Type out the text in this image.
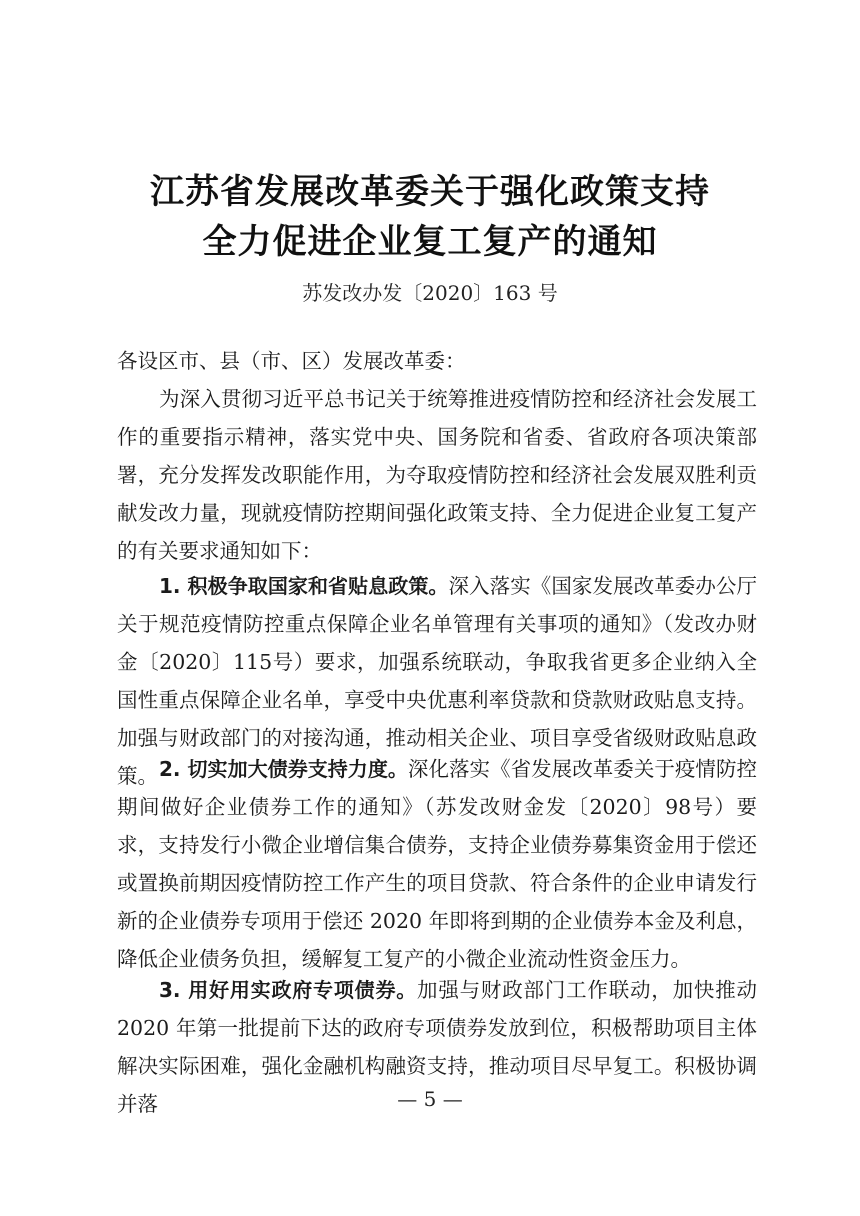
江苏省发展改革委关于强化政策支持
全力促进企业复工复产的通知
苏发改办发〔2020〕163 号
各设区市、县（市、区）发展改革委：
为深入贯彻习近平总书记关于统筹推进疫情防控和经济社会发展工作的重要指示精神，落实党中央、国务院和省委、省政府各项决策部署，充分发挥发改职能作用，为夺取疫情防控和经济社会发展双胜利贡献发改力量，现就疫情防控期间强化政策支持、全力促进企业复工复产的有关要求通知如下：
1. 积极争取国家和省贴息政策。深入落实《国家发展改革委办公厅关于规范疫情防控重点保障企业名单管理有关事项的通知》（发改办财金〔2020〕115号）要求，加强系统联动，争取我省更多企业纳入全国性重点保障企业名单，享受中央优惠利率贷款和贷款财政贴息支持。加强与财政部门的对接沟通，推动相关企业、项目享受省级财政贴息政策。 2. 切实加大债券支持力度。深化落实《省发展改革委关于疫情防控期间做好企业债券工作的通知》（苏发改财金发〔2020〕98号）要求，支持发行小微企业增信集合债券，支持企业债券募集资金用于偿还或置换前期因疫情防控工作产生的项目贷款、符合条件的企业申请发行新的企业债券专项用于偿还 2020 年即将到期的企业债券本金及利息，降低企业债务负担，缓解复工复产的小微企业流动性资金压力。
3. 用好用实政府专项债券。加强与财政部门工作联动，加快推动 2020 年第一批提前下达的政府专项债券发放到位，积极帮助项目主体解决实际困难，强化金融机构融资支持，推动项目尽早复工。积极协调并落	— 5 —
